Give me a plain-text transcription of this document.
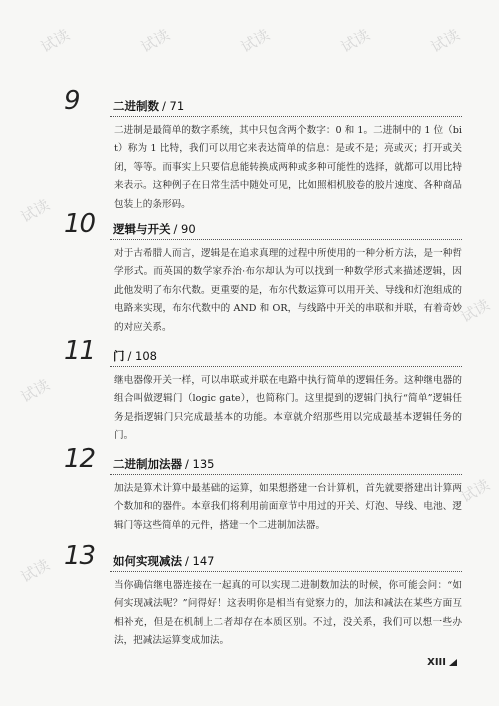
试读	试读	试读	试读	试读
试读
试读
试读
试读
试读
9	二进制数 / 71
二进制是最简单的数字系统，其中只包含两个数字：0 和 1。二进制中的 1 位（bit）称为 1 比特，我们可以用它来表达简单的信息：是或不是；亮或灭；打开或关闭，等等。而事实上只要信息能转换成两种或多种可能性的选择，就都可以用比特来表示。这种例子在日常生活中随处可见，比如照相机胶卷的胶片速度、各种商品包装上的条形码。
10 逻辑与开关 / 90
对于古希腊人而言，逻辑是在追求真理的过程中所使用的一种分析方法，是一种哲学形式。而英国的数学家乔治·布尔却认为可以找到一种数学形式来描述逻辑，因此他发明了布尔代数。更重要的是，布尔代数运算可以用开关、导线和灯泡组成的电路来实现，布尔代数中的 AND 和 OR，与线路中开关的串联和并联，有着奇妙的对应关系。
11 门 / 108
继电器像开关一样，可以串联或并联在电路中执行简单的逻辑任务。这种继电器的组合叫做逻辑门（logic gate），也简称门。这里提到的逻辑门执行“简单”逻辑任务是指逻辑门只完成最基本的功能。本章就介绍那些用以完成最基本逻辑任务的门。
12 二进制加法器 / 135
加法是算术计算中最基础的运算，如果想搭建一台计算机，首先就要搭建出计算两个数加和的器件。本章我们将利用前面章节中用过的开关、灯泡、导线、电池、逻辑门等这些简单的元件，搭建一个二进制加法器。
13 如何实现减法 / 147
当你确信继电器连接在一起真的可以实现二进制数加法的时候，你可能会问：“如何实现减法呢？”问得好！这表明你是相当有觉察力的，加法和减法在某些方面互相补充，但是在机制上二者却存在本质区别。不过，没关系，我们可以想一些办法，把减法运算变成加法。
XIII
